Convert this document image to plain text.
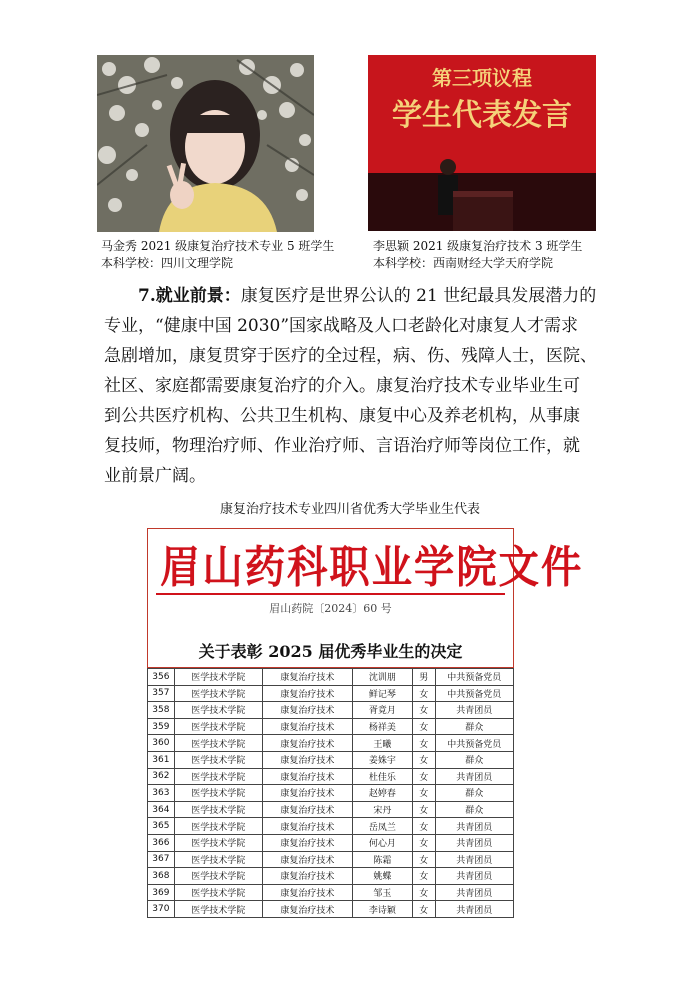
第三项议程
学生代表发言
马金秀 2021 级康复治疗技术专业 5 班学生
本科学校：四川文理学院
李思颖 2021 级康复治疗技术 3 班学生
本科学校：西南财经大学天府学院
7.就业前景：康复医疗是世界公认的 21 世纪最具发展潜力的
专业，“健康中国 2030”国家战略及人口老龄化对康复人才需求
急剧增加，康复贯穿于医疗的全过程，病、伤、残障人士，医院、
社区、家庭都需要康复治疗的介入。康复治疗技术专业毕业生可
到公共医疗机构、公共卫生机构、康复中心及养老机构，从事康
复技师，物理治疗师、作业治疗师、言语治疗师等岗位工作，就
业前景广阔。
康复治疗技术专业四川省优秀大学毕业生代表
眉山药科职业学院文件
眉山药院〔2024〕60 号
关于表彰 2025 届优秀毕业生的决定
356	医学技术学院	康复治疗技术	沈训朋	男	中共预备党员
357	医学技术学院	康复治疗技术	鲜记琴	女	中共预备党员
358	医学技术学院	康复治疗技术	胥竟月	女	共青团员
359	医学技术学院	康复治疗技术	杨祥美	女	群众
360	医学技术学院	康复治疗技术	王曦	女	中共预备党员
361	医学技术学院	康复治疗技术	姜姝宇	女	群众
362	医学技术学院	康复治疗技术	杜佳乐	女	共青团员
363	医学技术学院	康复治疗技术	赵婷春	女	群众
364	医学技术学院	康复治疗技术	宋丹	女	群众
365	医学技术学院	康复治疗技术	岳凤兰	女	共青团员
366	医学技术学院	康复治疗技术	何心月	女	共青团员
367	医学技术学院	康复治疗技术	陈霜	女	共青团员
368	医学技术学院	康复治疗技术	姚蝶	女	共青团员
369	医学技术学院	康复治疗技术	邹玉	女	共青团员
370	医学技术学院	康复治疗技术	李诗颖	女	共青团员
